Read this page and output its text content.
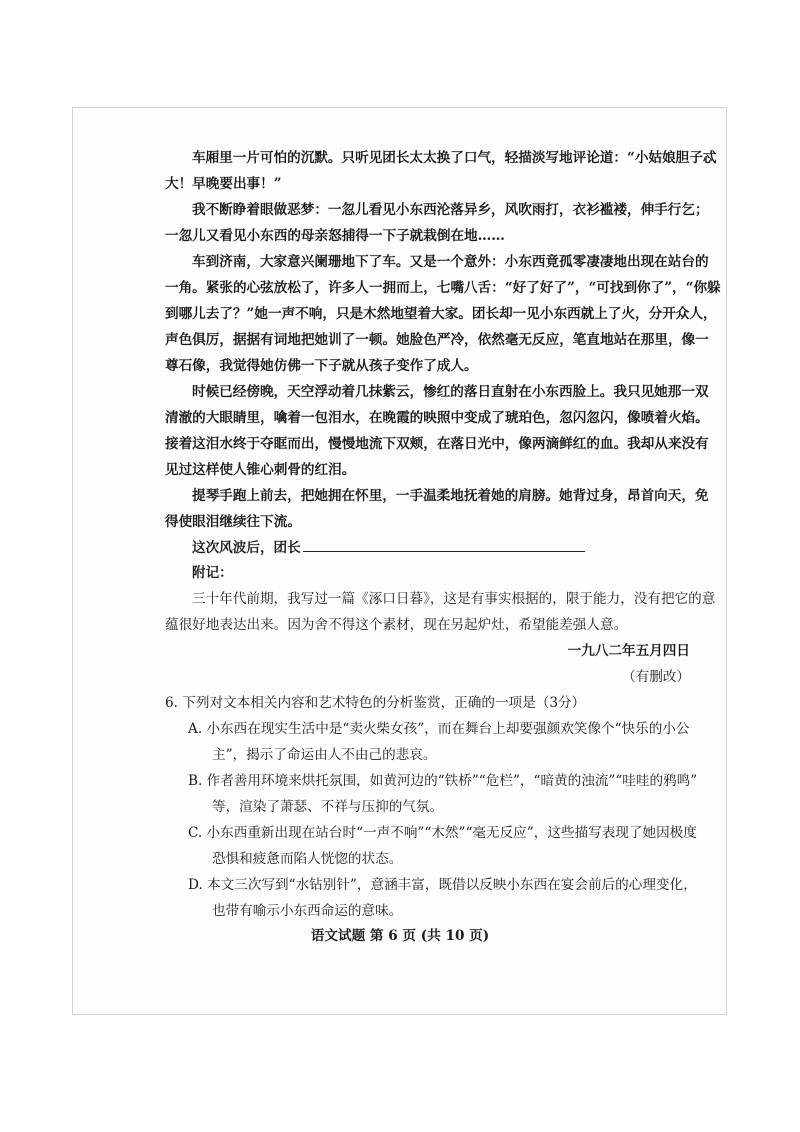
车厢里一片可怕的沉默。只听见团长太太换了口气，轻描淡写地评论道：“小姑娘胆子忒
大！早晚要出事！”
我不断睁着眼做恶梦：一忽儿看见小东西沦落异乡，风吹雨打，衣衫褴褛，伸手行乞；
一忽儿又看见小东西的母亲怒捕得一下子就栽倒在地……
车到济南，大家意兴阑珊地下了车。又是一个意外：小东西竟孤零凄凄地出现在站台的
一角。紧张的心弦放松了，许多人一拥而上，七嘴八舌：“好了好了”，“可找到你了”，“你躲
到哪儿去了？”她一声不响，只是木然地望着大家。团长却一见小东西就上了火，分开众人，
声色俱厉，据据有词地把她训了一顿。她脸色严冷，依然毫无反应，笔直地站在那里，像一
尊石像，我觉得她仿佛一下子就从孩子变作了成人。
时候已经傍晚，天空浮动着几抹紫云，惨红的落日直射在小东西脸上。我只见她那一双
清澈的大眼睛里，噙着一包泪水，在晚霞的映照中变成了琥珀色，忽闪忽闪，像喷着火焰。
接着这泪水终于夺眶而出，慢慢地流下双颊，在落日光中，像两滴鲜红的血。我却从来没有
见过这样使人锥心刺骨的红泪。
提琴手跑上前去，把她拥在怀里，一手温柔地抚着她的肩膀。她背过身，昂首向天，免
得使眼泪继续往下流。
这次风波后，团长
附记：
三十年代前期，我写过一篇《涿口日暮》，这是有事实根据的，限于能力，没有把它的意
蕴很好地表达出来。因为舍不得这个素材，现在另起炉灶，希望能差强人意。
一九八二年五月四日
（有删改）
6. 下列对文本相关内容和艺术特色的分析鉴赏，正确的一项是（3分）
A. 小东西在现实生活中是“卖火柴女孩”，而在舞台上却要强颜欢笑像个“快乐的小公
主”，揭示了命运由人不由己的悲哀。
B. 作者善用环境来烘托氛围，如黄河边的“铁桥”“危栏”，“暗黄的浊流”“哇哇的鸦鸣”
等，渲染了萧瑟、不祥与压抑的气氛。
C. 小东西重新出现在站台时“一声不响”“木然”“毫无反应”，这些描写表现了她因极度
恐惧和疲惫而陷人恍惚的状态。
D. 本文三次写到“水钻别针”，意涵丰富，既借以反映小东西在宴会前后的心理变化，
也带有喻示小东西命运的意味。
语文试题 第 6 页 (共 10 页)
